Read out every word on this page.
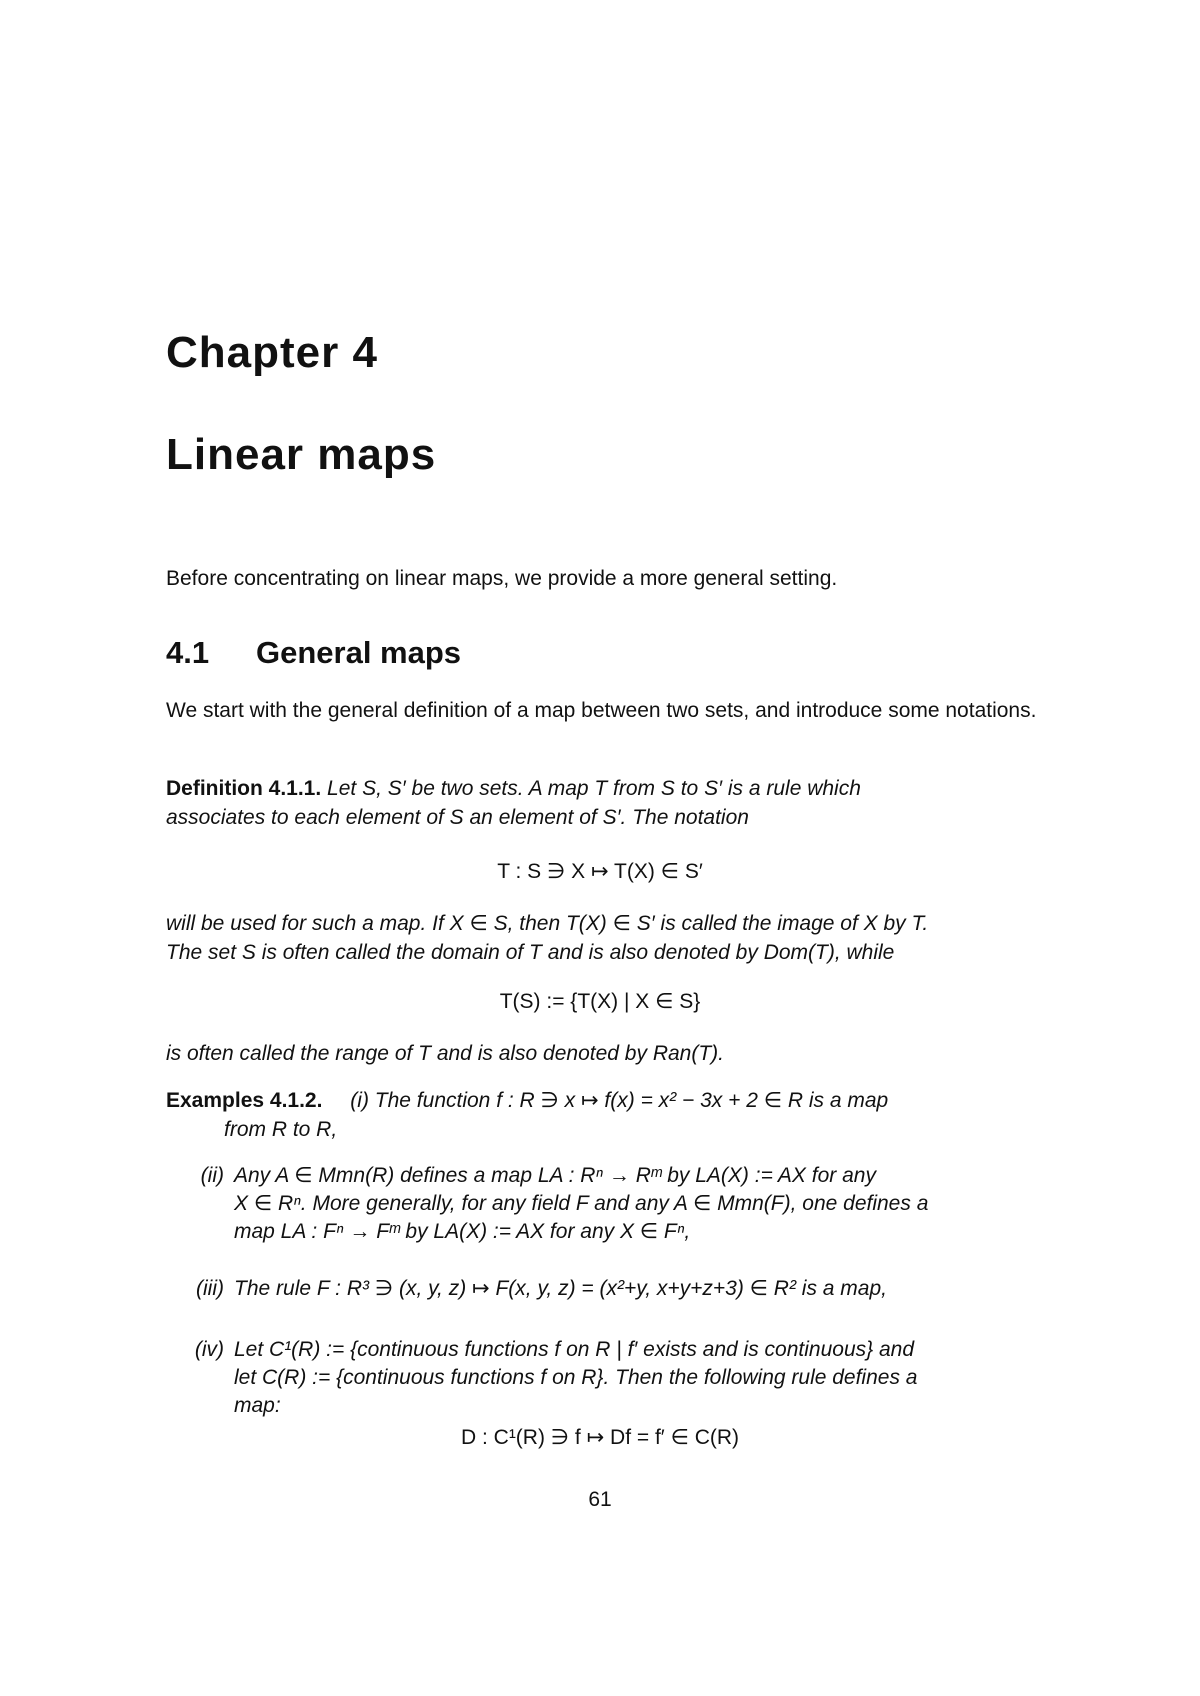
Chapter 4
Linear maps
Before concentrating on linear maps, we provide a more general setting.
4.1 General maps
We start with the general definition of a map between two sets, and introduce some notations.
Definition 4.1.1. Let S, S′ be two sets. A map T from S to S′ is a rule which
associates to each element of S an element of S′. The notation
T : S ∋ X ↦ T(X) ∈ S′
will be used for such a map. If X ∈ S, then T(X) ∈ S′ is called the image of X by T.
The set S is often called the domain of T and is also denoted by Dom(T), while
T(S) := {T(X) | X ∈ S}
is often called the range of T and is also denoted by Ran(T).
Examples 4.1.2. (i) The function f : R ∋ x ↦ f(x) = x² − 3x + 2 ∈ R is a map
from R to R,
(ii) Any A ∈ Mmn(R) defines a map LA : Rⁿ → Rᵐ by LA(X) := AX for any
X ∈ Rⁿ. More generally, for any field F and any A ∈ Mmn(F), one defines a
map LA : Fⁿ → Fᵐ by LA(X) := AX for any X ∈ Fⁿ,
(iii) The rule F : R³ ∋ (x, y, z) ↦ F(x, y, z) = (x²+y, x+y+z+3) ∈ R² is a map,
(iv) Let C¹(R) := {continuous functions f on R | f′ exists and is continuous} and
let C(R) := {continuous functions f on R}. Then the following rule defines a
map:
D : C¹(R) ∋ f ↦ Df = f′ ∈ C(R)
61
